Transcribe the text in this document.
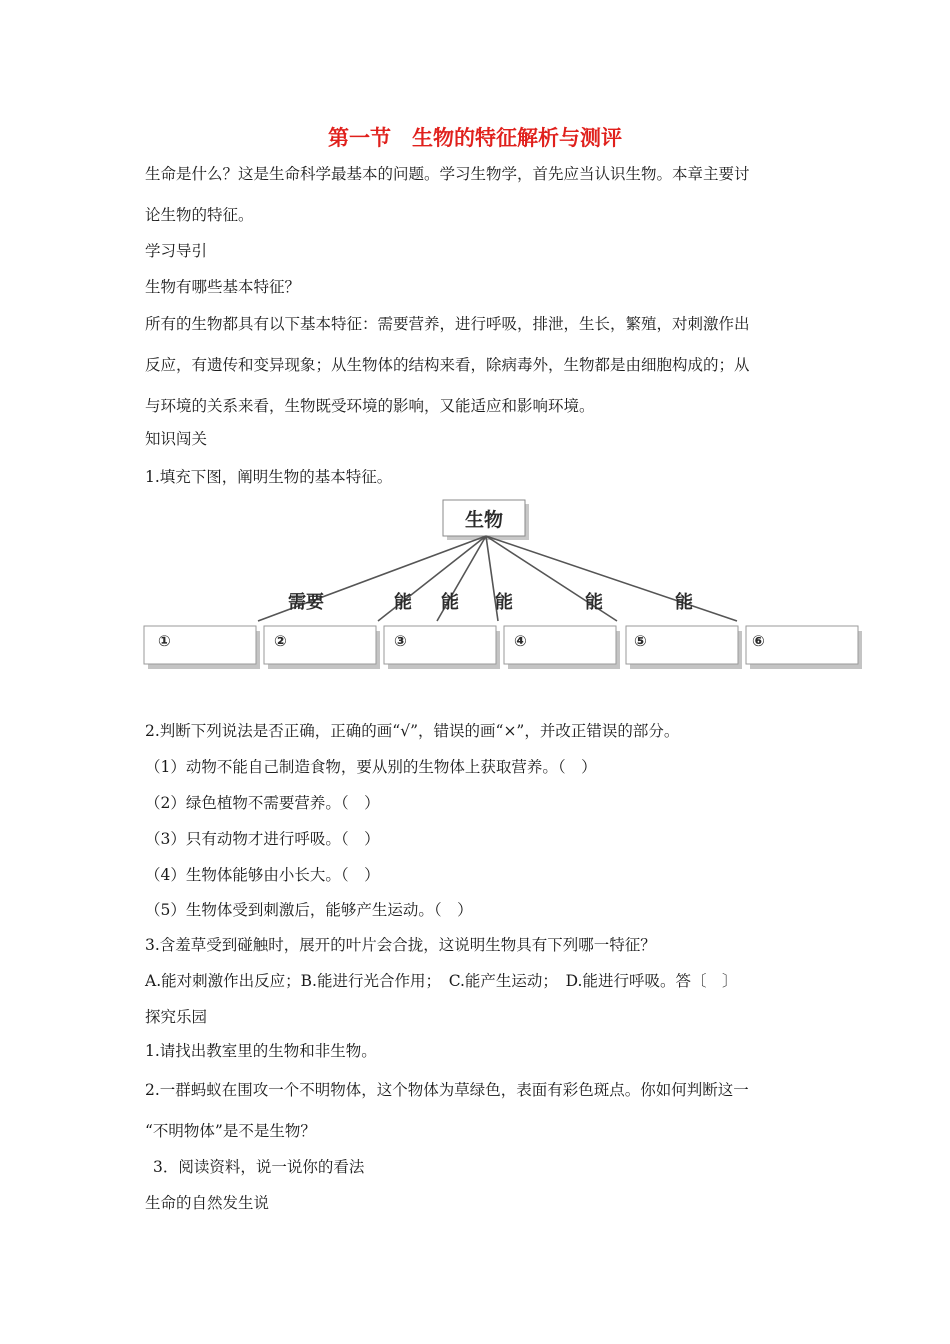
第一节　生物的特征解析与测评
生命是什么？这是生命科学最基本的问题。学习生物学，首先应当认识生物。本章主要讨
论生物的特征。
学习导引
生物有哪些基本特征？
所有的生物都具有以下基本特征：需要营养，进行呼吸，排泄，生长，繁殖，对刺激作出
反应，有遗传和变异现象；从生物体的结构来看，除病毒外，生物都是由细胞构成的；从
与环境的关系来看，生物既受环境的影响，又能适应和影响环境。
知识闯关
1.填充下图，阐明生物的基本特征。
生物
需要	能 能 能	能	能
①	②	③	④	⑤	⑥
2.判断下列说法是否正确，正确的画“√”，错误的画“×”，并改正错误的部分。
（1）动物不能自己制造食物，要从别的生物体上获取营养。（　）
（2）绿色植物不需要营养。（　）
（3）只有动物才进行呼吸。（　）
（4）生物体能够由小长大。（　）
（5）生物体受到刺激后，能够产生运动。（　）
3.含羞草受到碰触时，展开的叶片会合拢，这说明生物具有下列哪一特征？
A.能对刺激作出反应；B.能进行光合作用；　C.能产生运动；　D.能进行呼吸。答〔　〕
探究乐园
1.请找出教室里的生物和非生物。
2.一群蚂蚁在围攻一个不明物体，这个物体为草绿色，表面有彩色斑点。你如何判断这一
“不明物体”是不是生物？
3．阅读资料，说一说你的看法
生命的自然发生说
